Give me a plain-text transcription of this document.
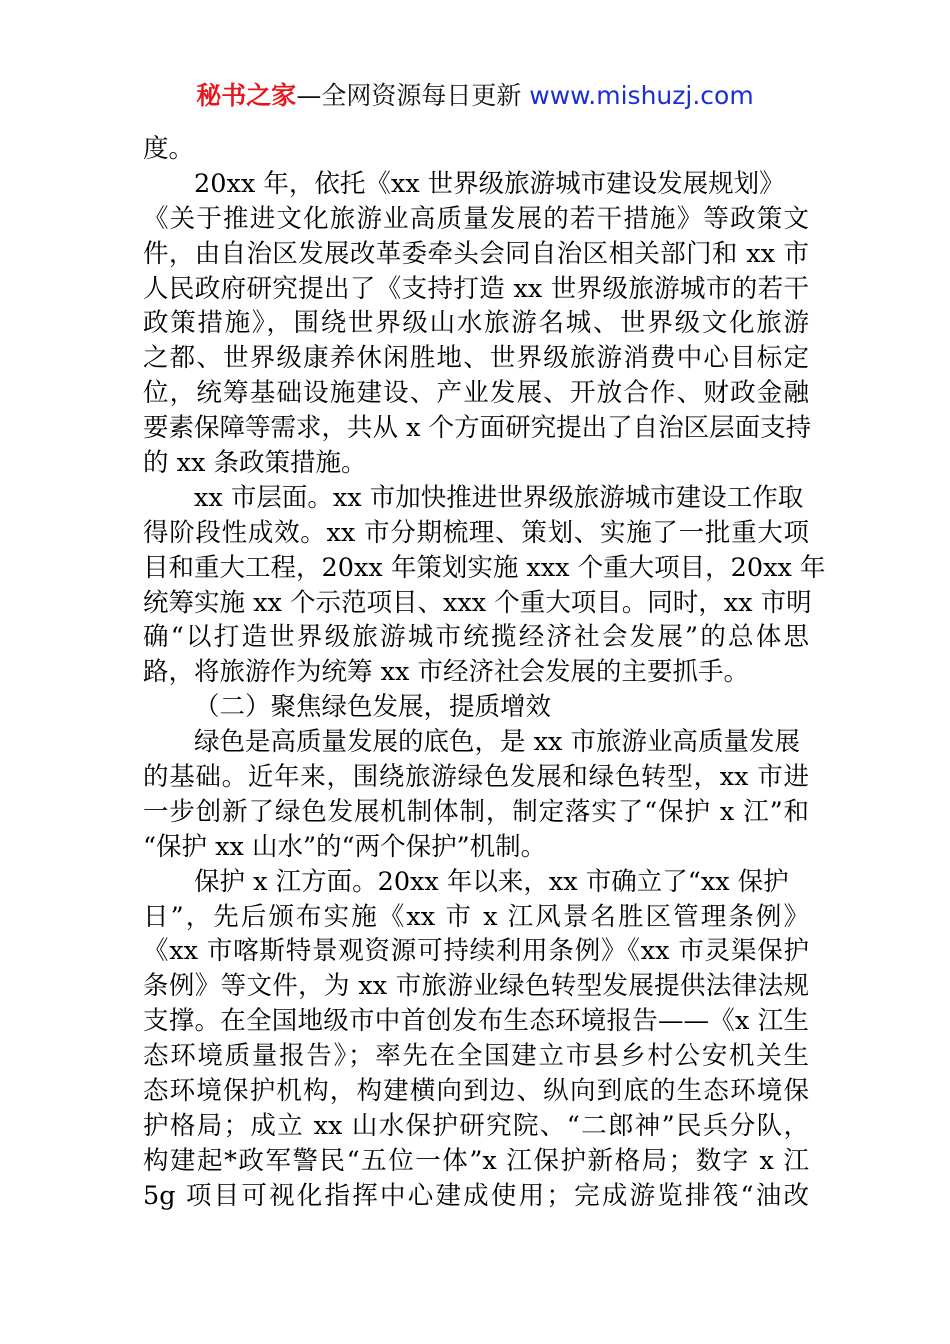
秘书之家—全网资源每日更新 www.mishuzj.com
度。
20xx 年，依托《xx 世界级旅游城市建设发展规划》
《关于推进文化旅游业高质量发展的若干措施》等政策文
件，由自治区发展改革委牵头会同自治区相关部门和 xx 市
人民政府研究提出了《支持打造 xx 世界级旅游城市的若干
政策措施》，围绕世界级山水旅游名城、世界级文化旅游
之都、世界级康养休闲胜地、世界级旅游消费中心目标定
位，统筹基础设施建设、产业发展、开放合作、财政金融
要素保障等需求，共从 x 个方面研究提出了自治区层面支持
的 xx 条政策措施。
xx 市层面。xx 市加快推进世界级旅游城市建设工作取
得阶段性成效。xx 市分期梳理、策划、实施了一批重大项
目和重大工程，20xx 年策划实施 xxx 个重大项目，20xx 年
统筹实施 xx 个示范项目、xxx 个重大项目。同时，xx 市明
确“以打造世界级旅游城市统揽经济社会发展”的总体思
路，将旅游作为统筹 xx 市经济社会发展的主要抓手。
（二）聚焦绿色发展，提质增效
绿色是高质量发展的底色，是 xx 市旅游业高质量发展
的基础。近年来，围绕旅游绿色发展和绿色转型，xx 市进
一步创新了绿色发展机制体制，制定落实了“保护 x 江”和
“保护 xx 山水”的“两个保护”机制。
保护 x 江方面。20xx 年以来，xx 市确立了“xx 保护
日”，先后颁布实施《xx 市 x 江风景名胜区管理条例》
《xx 市喀斯特景观资源可持续利用条例》《xx 市灵渠保护
条例》等文件，为 xx 市旅游业绿色转型发展提供法律法规
支撑。在全国地级市中首创发布生态环境报告——《x 江生
态环境质量报告》；率先在全国建立市县乡村公安机关生
态环境保护机构，构建横向到边、纵向到底的生态环境保
护格局；成立 xx 山水保护研究院、“二郎神”民兵分队，
构建起*政军警民“五位一体”x 江保护新格局；数字 x 江
5g 项目可视化指挥中心建成使用；完成游览排筏“油改
